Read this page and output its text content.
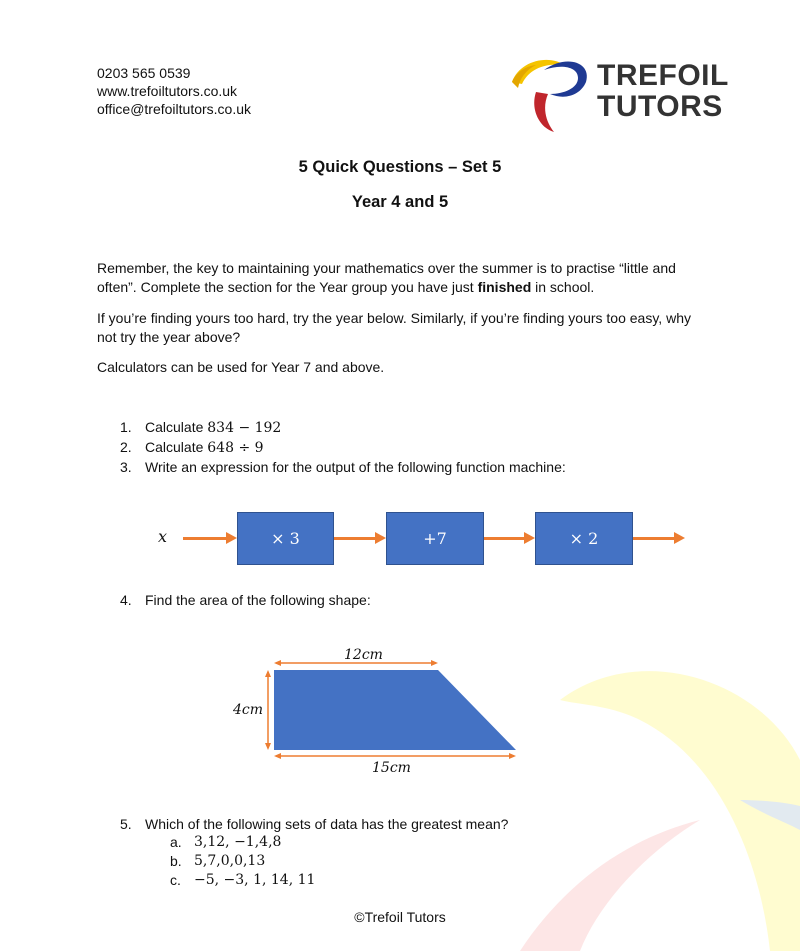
0203 565 0539
www.trefoiltutors.co.uk
office@trefoiltutors.co.uk
TREFOIL
TUTORS
5 Quick Questions – Set 5
Year 4 and 5
Remember, the key to maintaining your mathematics over the summer is to practise “little and often”. Complete the section for the Year group you have just finished in school.
If you’re finding yours too hard, try the year below. Similarly, if you’re finding yours too easy, why not try the year above?
Calculators can be used for Year 7 and above.
1. Calculate 834 − 192
2. Calculate 648 ÷ 9
3. Write an expression for the output of the following function machine:
4. Find the area of the following shape:
5. Which of the following sets of data has the greatest mean?
x	× 3	+7	× 2
12cm
4cm
15cm
a. 3,12, −1,4,8
b. 5,7,0,0,13
c. −5, −3, 1, 14, 11
©Trefoil Tutors
